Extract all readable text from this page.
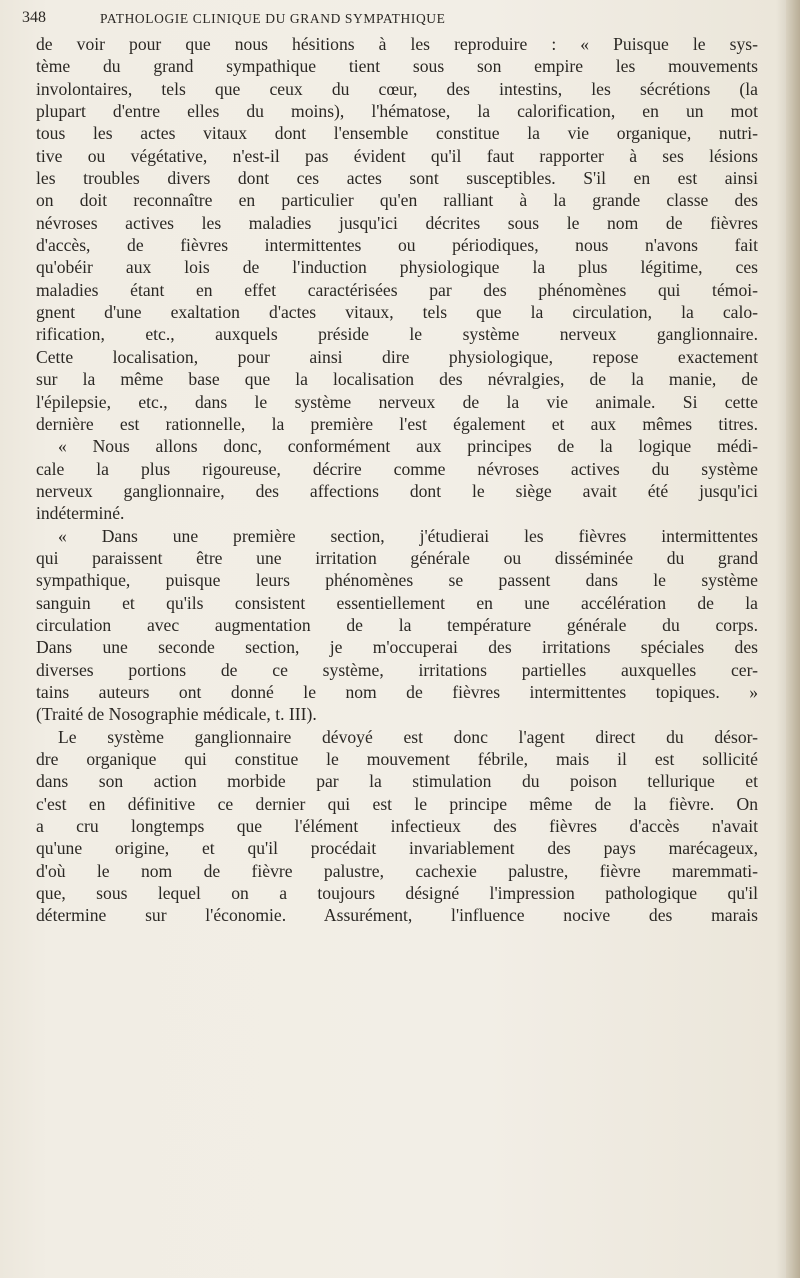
348	PATHOLOGIE CLINIQUE DU GRAND SYMPATHIQUE
de voir pour que nous hésitions à les reproduire : « Puisque le sys-
tème du grand sympathique tient sous son empire les mouvements
involontaires, tels que ceux du cœur, des intestins, les sécrétions (la
plupart d'entre elles du moins), l'hématose, la calorification, en un mot
tous les actes vitaux dont l'ensemble constitue la vie organique, nutri-
tive ou végétative, n'est-il pas évident qu'il faut rapporter à ses lésions
les troubles divers dont ces actes sont susceptibles. S'il en est ainsi
on doit reconnaître en particulier qu'en ralliant à la grande classe des
névroses actives les maladies jusqu'ici décrites sous le nom de fièvres
d'accès, de fièvres intermittentes ou périodiques, nous n'avons fait
qu'obéir aux lois de l'induction physiologique la plus légitime, ces
maladies étant en effet caractérisées par des phénomènes qui témoi-
gnent d'une exaltation d'actes vitaux, tels que la circulation, la calo-
rification, etc., auxquels préside le système nerveux ganglionnaire.
Cette localisation, pour ainsi dire physiologique, repose exactement
sur la même base que la localisation des névralgies, de la manie, de
l'épilepsie, etc., dans le système nerveux de la vie animale. Si cette
dernière est rationnelle, la première l'est également et aux mêmes titres.
« Nous allons donc, conformément aux principes de la logique médi-
cale la plus rigoureuse, décrire comme névroses actives du système
nerveux ganglionnaire, des affections dont le siège avait été jusqu'ici
indéterminé.
« Dans une première section, j'étudierai les fièvres intermittentes
qui paraissent être une irritation générale ou disséminée du grand
sympathique, puisque leurs phénomènes se passent dans le système
sanguin et qu'ils consistent essentiellement en une accélération de la
circulation avec augmentation de la température générale du corps.
Dans une seconde section, je m'occuperai des irritations spéciales des
diverses portions de ce système, irritations partielles auxquelles cer-
tains auteurs ont donné le nom de fièvres intermittentes topiques. »
(Traité de Nosographie médicale, t. III).
Le système ganglionnaire dévoyé est donc l'agent direct du désor-
dre organique qui constitue le mouvement fébrile, mais il est sollicité
dans son action morbide par la stimulation du poison tellurique et
c'est en définitive ce dernier qui est le principe même de la fièvre. On
a cru longtemps que l'élément infectieux des fièvres d'accès n'avait
qu'une origine, et qu'il procédait invariablement des pays marécageux,
d'où le nom de fièvre palustre, cachexie palustre, fièvre maremmati-
que, sous lequel on a toujours désigné l'impression pathologique qu'il
détermine sur l'économie. Assurément, l'influence nocive des marais
